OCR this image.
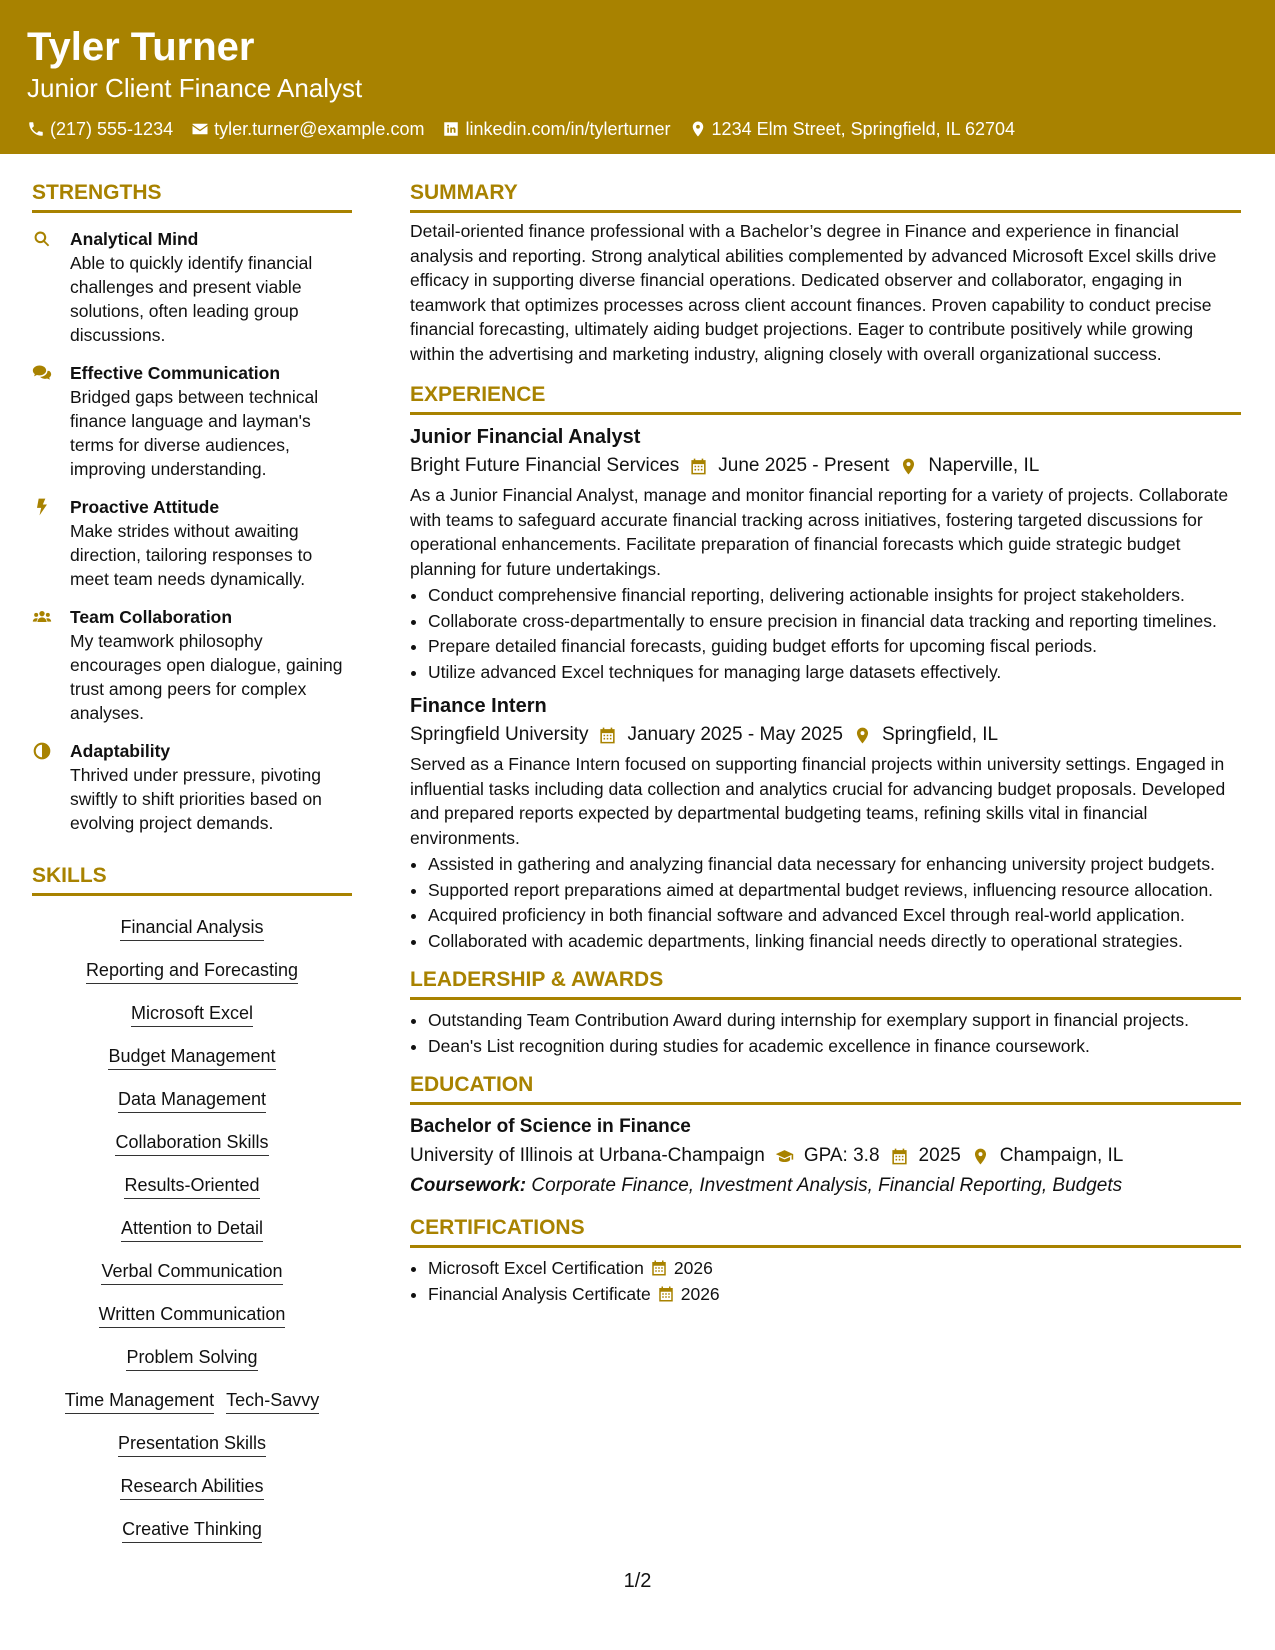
Tyler Turner
Junior Client Finance Analyst
(217) 555-1234 tyler.turner@example.com linkedin.com/in/tylerturner 1234 Elm Street, Springfield, IL 62704
STRENGTHS
Analytical Mind
Able to quickly identify financial challenges and present viable solutions, often leading group discussions.
Effective Communication
Bridged gaps between technical finance language and layman's terms for diverse audiences, improving understanding.
Proactive Attitude
Make strides without awaiting direction, tailoring responses to meet team needs dynamically.
Team Collaboration
My teamwork philosophy encourages open dialogue, gaining trust among peers for complex analyses.
Adaptability
Thrived under pressure, pivoting swiftly to shift priorities based on evolving project demands.
SKILLS
Financial Analysis
Reporting and Forecasting
Microsoft Excel
Budget Management
Data Management
Collaboration Skills
Results-Oriented
Attention to Detail
Verbal Communication
Written Communication
Problem Solving
Time Management Tech-Savvy
Presentation Skills
Research Abilities
Creative Thinking
SUMMARY
Detail-oriented finance professional with a Bachelor’s degree in Finance and experience in financial analysis and reporting. Strong analytical abilities complemented by advanced Microsoft Excel skills drive efficacy in supporting diverse financial operations. Dedicated observer and collaborator, engaging in teamwork that optimizes processes across client account finances. Proven capability to conduct precise financial forecasting, ultimately aiding budget projections. Eager to contribute positively while growing within the advertising and marketing industry, aligning closely with overall organizational success.
EXPERIENCE
Junior Financial Analyst
Bright Future Financial Services June 2025 - Present Naperville, IL
As a Junior Financial Analyst, manage and monitor financial reporting for a variety of projects. Collaborate with teams to safeguard accurate financial tracking across initiatives, fostering targeted discussions for operational enhancements. Facilitate preparation of financial forecasts which guide strategic budget planning for future undertakings.
• Conduct comprehensive financial reporting, delivering actionable insights for project stakeholders.
• Collaborate cross-departmentally to ensure precision in financial data tracking and reporting timelines.
• Prepare detailed financial forecasts, guiding budget efforts for upcoming fiscal periods.
• Utilize advanced Excel techniques for managing large datasets effectively.
Finance Intern
Springfield University January 2025 - May 2025 Springfield, IL
Served as a Finance Intern focused on supporting financial projects within university settings. Engaged in influential tasks including data collection and analytics crucial for advancing budget proposals. Developed and prepared reports expected by departmental budgeting teams, refining skills vital in financial environments.
• Assisted in gathering and analyzing financial data necessary for enhancing university project budgets.
• Supported report preparations aimed at departmental budget reviews, influencing resource allocation.
• Acquired proficiency in both financial software and advanced Excel through real-world application.
• Collaborated with academic departments, linking financial needs directly to operational strategies.
LEADERSHIP & AWARDS
• Outstanding Team Contribution Award during internship for exemplary support in financial projects.
• Dean's List recognition during studies for academic excellence in finance coursework.
EDUCATION
Bachelor of Science in Finance
University of Illinois at Urbana-Champaign GPA: 3.8 2025 Champaign, IL
Coursework: Corporate Finance, Investment Analysis, Financial Reporting, Budgets
CERTIFICATIONS
• Microsoft Excel Certification 2026
• Financial Analysis Certificate 2026
1/2
